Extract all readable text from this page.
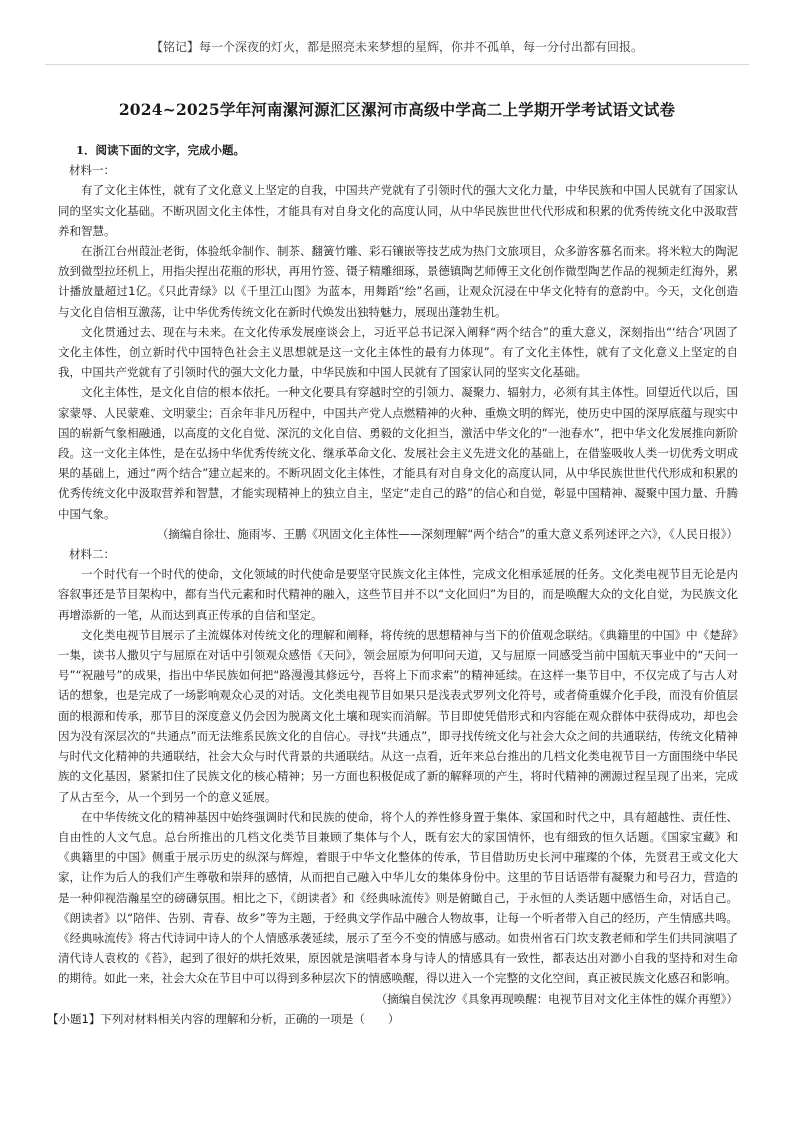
【铭记】每一个深夜的灯火，都是照亮未来梦想的星辉，你并不孤单，每一分付出都有回报。
2024~2025学年河南漯河源汇区漯河市高级中学高二上学期开学考试语文试卷

1．阅读下面的文字，完成小题。

材料一：

有了文化主体性，就有了文化意义上坚定的自我，中国共产党就有了引领时代的强大文化力量，中华民族和中国人民就有了国家认同的坚实文化基础。不断巩固文化主体性，才能具有对自身文化的高度认同，从中华民族世世代代形成和积累的优秀传统文化中汲取营养和智慧。

在浙江台州葭沚老街，体验纸伞制作、制茶、翻簧竹雕、彩石镶嵌等技艺成为热门文旅项目，众多游客慕名而来。将米粒大的陶泥放到微型拉坯机上，用指尖捏出花瓶的形状，再用竹签、镊子精雕细琢，景德镇陶艺师傅王文化创作微型陶艺作品的视频走红海外，累计播放量超过1亿。《只此青绿》以《千里江山图》为蓝本，用舞蹈“绘”名画，让观众沉浸在中华文化特有的意韵中。今天，文化创造与文化自信相互激荡，让中华优秀传统文化在新时代焕发出独特魅力，展现出蓬勃生机。

文化贯通过去、现在与未来。在文化传承发展座谈会上，习近平总书记深入阐释“两个结合”的重大意义，深刻指出“‘结合’巩固了文化主体性，创立新时代中国特色社会主义思想就是这一文化主体性的最有力体现”。有了文化主体性，就有了文化意义上坚定的自我，中国共产党就有了引领时代的强大文化力量，中华民族和中国人民就有了国家认同的坚实文化基础。

文化主体性，是文化自信的根本依托。一种文化要具有穿越时空的引领力、凝聚力、辐射力，必须有其主体性。回望近代以后，国家蒙辱、人民蒙难、文明蒙尘；百余年非凡历程中，中国共产党人点燃精神的火种、重焕文明的辉光，使历史中国的深厚底蕴与现实中国的崭新气象相融通，以高度的文化自觉、深沉的文化自信、勇毅的文化担当，激活中华文化的“一池春水”，把中华文化发展推向新阶段。这一文化主体性，是在弘扬中华优秀传统文化、继承革命文化、发展社会主义先进文化的基础上，在借鉴吸收人类一切优秀文明成果的基础上，通过“两个结合”建立起来的。不断巩固文化主体性，才能具有对自身文化的高度认同，从中华民族世世代代形成和积累的优秀传统文化中汲取营养和智慧，才能实现精神上的独立自主，坚定“走自己的路”的信心和自觉，彰显中国精神、凝聚中国力量、升腾中国气象。

（摘编自徐壮、施雨岑、王鹏《巩固文化主体性——深刻理解“两个结合”的重大意义系列述评之六》，《人民日报》）

材料二：

一个时代有一个时代的使命，文化领域的时代使命是要坚守民族文化主体性，完成文化相承延展的任务。文化类电视节目无论是内容叙事还是节目架构中，都有当代元素和时代精神的融入，这些节目并不以“文化回归”为目的，而是唤醒大众的文化自觉，为民族文化再增添新的一笔，从而达到真正传承的自信和坚定。

文化类电视节目展示了主流媒体对传统文化的理解和阐释，将传统的思想精神与当下的价值观念联结。《典籍里的中国》中《楚辞》一集，读书人撒贝宁与屈原在对话中引领观众感悟《天问》，领会屈原为何叩问天道，又与屈原一同感受当前中国航天事业中的“天问一号”“祝融号”的成果，指出中华民族如何把“路漫漫其修远兮，吾将上下而求索”的精神延续。在这样一集节目中，不仅完成了与古人对话的想象，也是完成了一场影响观众心灵的对话。文化类电视节目如果只是浅表式罗列文化符号，或者倚重媒介化手段，而没有价值层面的根源和传承，那节目的深度意义仍会因为脱离文化土壤和现实而消解。节目即使凭借形式和内容能在观众群体中获得成功，却也会因为没有深层次的“共通点”而无法维系民族文化的自信心。寻找“共通点”，即寻找传统文化与社会大众之间的共通联结，传统文化精神与时代文化精神的共通联结，社会大众与时代背景的共通联结。从这一点看，近年来总台推出的几档文化类电视节目一方面围绕中华民族的文化基因，紧紧扣住了民族文化的核心精神；另一方面也积极促成了新的解释项的产生，将时代精神的溯源过程呈现了出来，完成了从古至今，从一个到另一个的意义延展。

在中华传统文化的精神基因中始终强调时代和民族的使命，将个人的养性修身置于集体、家国和时代之中，具有超越性、责任性、自由性的人文气息。总台所推出的几档文化类节目兼顾了集体与个人，既有宏大的家国情怀，也有细致的恒久话题。《国家宝藏》和《典籍里的中国》侧重于展示历史的纵深与辉煌，着眼于中华文化整体的传承，节目借助历史长河中璀璨的个体，先贤君王或文化大家，让作为后人的我们产生尊敬和崇拜的感情，从而把自己融入中华儿女的集体身份中。这里的节目话语带有凝聚力和号召力，营造的是一种仰视浩瀚星空的磅礴氛围。相比之下，《朗读者》和《经典咏流传》则是俯瞰自己，于永恒的人类话题中感悟生命，对话自己。《朗读者》以“陪伴、告别、青春、故乡”等为主题，于经典文学作品中融合人物故事，让每一个听者带入自己的经历，产生情感共鸣。《经典咏流传》将古代诗词中诗人的个人情感承袭延续，展示了至今不变的情感与感动。如贵州省石门坎支教老师和学生们共同演唱了清代诗人袁枚的《苔》，起到了很好的烘托效果，原因就是演唱者本身与诗人的情感具有一致性，都表达出对渺小自我的坚持和对生命的期待。如此一来，社会大众在节目中可以得到多种层次下的情感唤醒，得以进入一个完整的文化空间，真正被民族文化感召和影响。

（摘编自侯沈汐《具象再现唤醒：电视节目对文化主体性的媒介再塑》）

【小题1】下列对材料相关内容的理解和分析，正确的一项是（　　）
